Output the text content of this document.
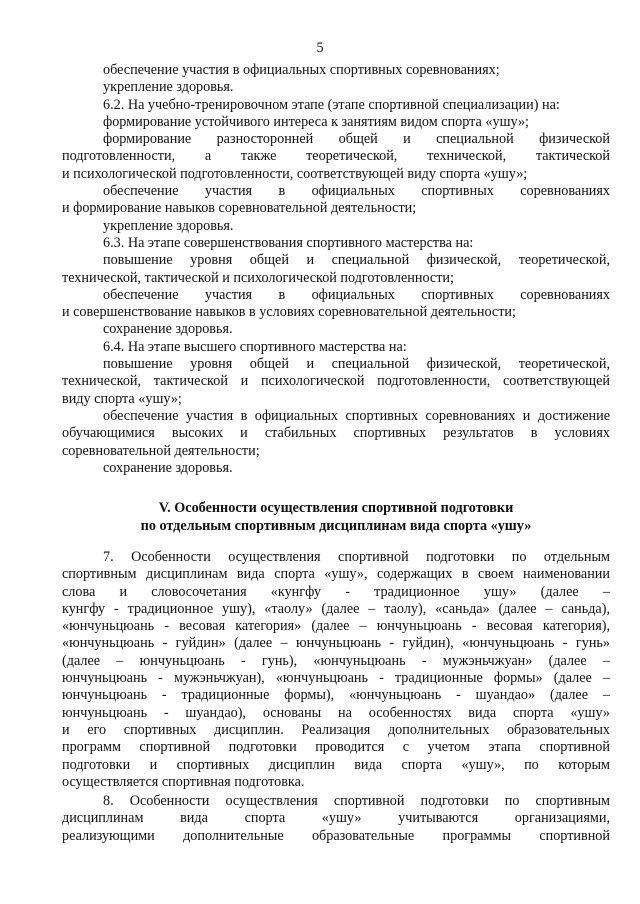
5
обеспечение участия в официальных спортивных соревнованиях;
укрепление здоровья.
6.2. На учебно-тренировочном этапе (этапе спортивной специализации) на:
формирование устойчивого интереса к занятиям видом спорта «ушу»;
формирование разносторонней общей и специальной физической
подготовленности, а также теоретической, технической, тактической
и психологической подготовленности, соответствующей виду спорта «ушу»;
обеспечение участия в официальных спортивных соревнованиях
и формирование навыков соревновательной деятельности;
укрепление здоровья.
6.3. На этапе совершенствования спортивного мастерства на:
повышение уровня общей и специальной физической, теоретической,
технической, тактической и психологической подготовленности;
обеспечение участия в официальных спортивных соревнованиях
и совершенствование навыков в условиях соревновательной деятельности;
сохранение здоровья.
6.4. На этапе высшего спортивного мастерства на:
повышение уровня общей и специальной физической, теоретической,
технической, тактической и психологической подготовленности, соответствующей
виду спорта «ушу»;
обеспечение участия в официальных спортивных соревнованиях и достижение
обучающимися высоких и стабильных спортивных результатов в условиях
соревновательной деятельности;
сохранение здоровья.
V. Особенности осуществления спортивной подготовки
по отдельным спортивным дисциплинам вида спорта «ушу»
7. Особенности осуществления спортивной подготовки по отдельным
спортивным дисциплинам вида спорта «ушу», содержащих в своем наименовании
слова и словосочетания «кунгфу - традиционное ушу» (далее –
кунгфу - традиционное ушу), «таолу» (далее – таолу), «саньда» (далее – саньда),
«юнчуньцюань - весовая категория» (далее – юнчуньцюань - весовая категория),
«юнчуньцюань - гуйдин» (далее – юнчуньцюань - гуйдин), «юнчуньцюань - гунь»
(далее – юнчуньцюань - гунь), «юнчуньцюань - мужэньчжуан» (далее –
юнчуньцюань - мужэньчжуан), «юнчуньцюань - традиционные формы» (далее –
юнчуньцюань - традиционные формы), «юнчуньцюань - шуандао» (далее –
юнчуньцюань - шуандао), основаны на особенностях вида спорта «ушу»
и его спортивных дисциплин. Реализация дополнительных образовательных
программ спортивной подготовки проводится с учетом этапа спортивной
подготовки и спортивных дисциплин вида спорта «ушу», по которым
осуществляется спортивная подготовка.
8. Особенности осуществления спортивной подготовки по спортивным
дисциплинам вида спорта «ушу» учитываются организациями,
реализующими дополнительные образовательные программы спортивной
